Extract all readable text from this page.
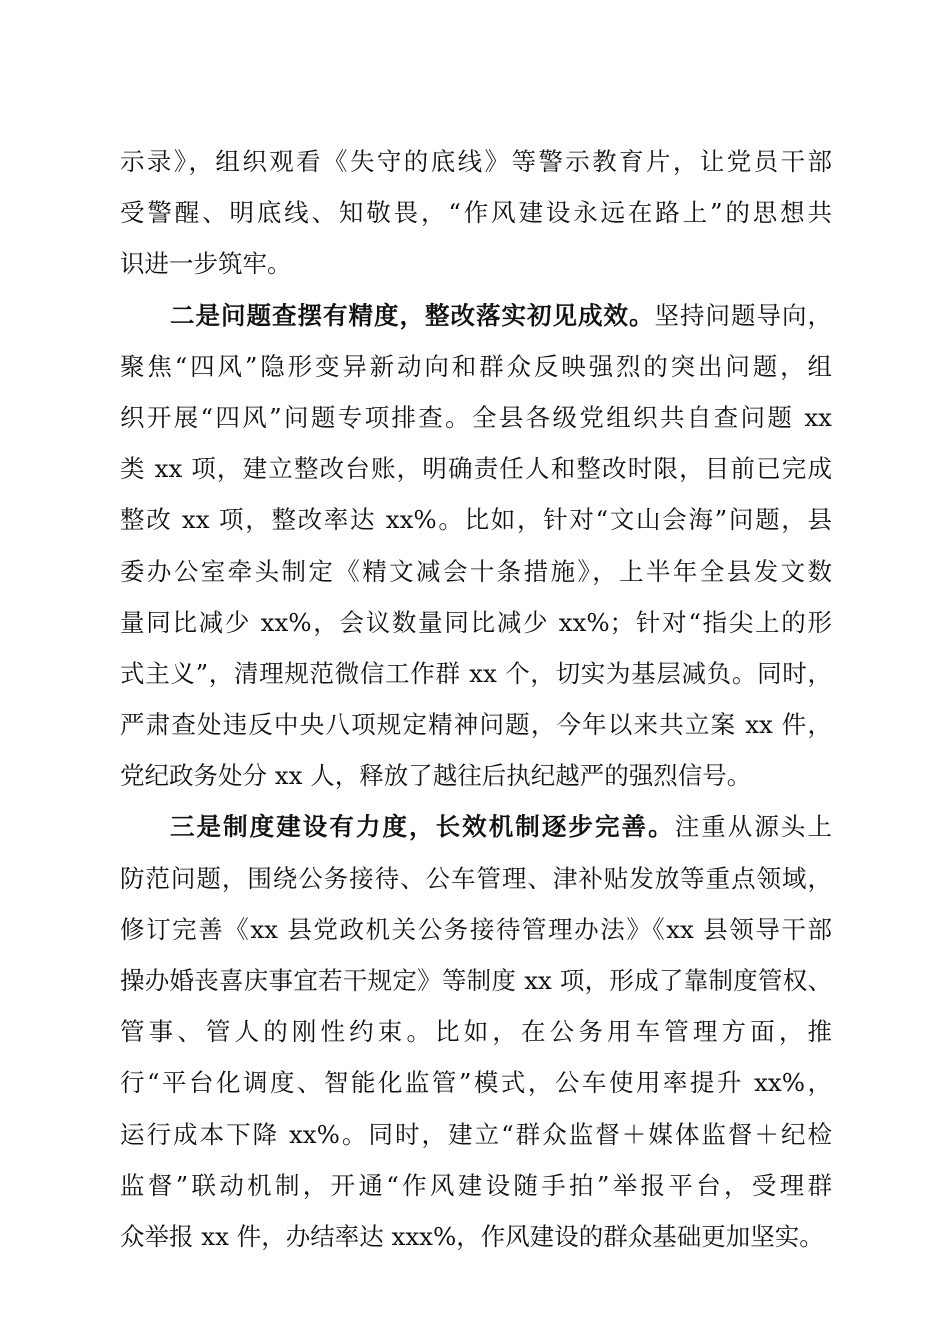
示录》，组织观看《失守的底线》等警示教育片，让党员干部
受警醒、明底线、知敬畏，“作风建设永远在路上”的思想共
识进一步筑牢。
二是问题查摆有精度，整改落实初见成效。坚持问题导向，
聚焦“四风”隐形变异新动向和群众反映强烈的突出问题，组
织开展“四风”问题专项排查。全县各级党组织共自查问题 xx
类 xx 项，建立整改台账，明确责任人和整改时限，目前已完成
整改 xx 项，整改率达 xx%。比如，针对“文山会海”问题，县
委办公室牵头制定《精文减会十条措施》，上半年全县发文数
量同比减少 xx%，会议数量同比减少 xx%；针对“指尖上的形
式主义”，清理规范微信工作群 xx 个，切实为基层减负。同时，
严肃查处违反中央八项规定精神问题，今年以来共立案 xx 件，
党纪政务处分 xx 人，释放了越往后执纪越严的强烈信号。
三是制度建设有力度，长效机制逐步完善。注重从源头上
防范问题，围绕公务接待、公车管理、津补贴发放等重点领域，
修订完善《xx 县党政机关公务接待管理办法》《xx 县领导干部
操办婚丧喜庆事宜若干规定》等制度 xx 项，形成了靠制度管权、
管事、管人的刚性约束。比如，在公务用车管理方面，推
行“平台化调度、智能化监管”模式，公车使用率提升 xx%，
运行成本下降 xx%。同时，建立“群众监督＋媒体监督＋纪检
监督”联动机制，开通“作风建设随手拍”举报平台，受理群
众举报 xx 件，办结率达 xxx%，作风建设的群众基础更加坚实。
